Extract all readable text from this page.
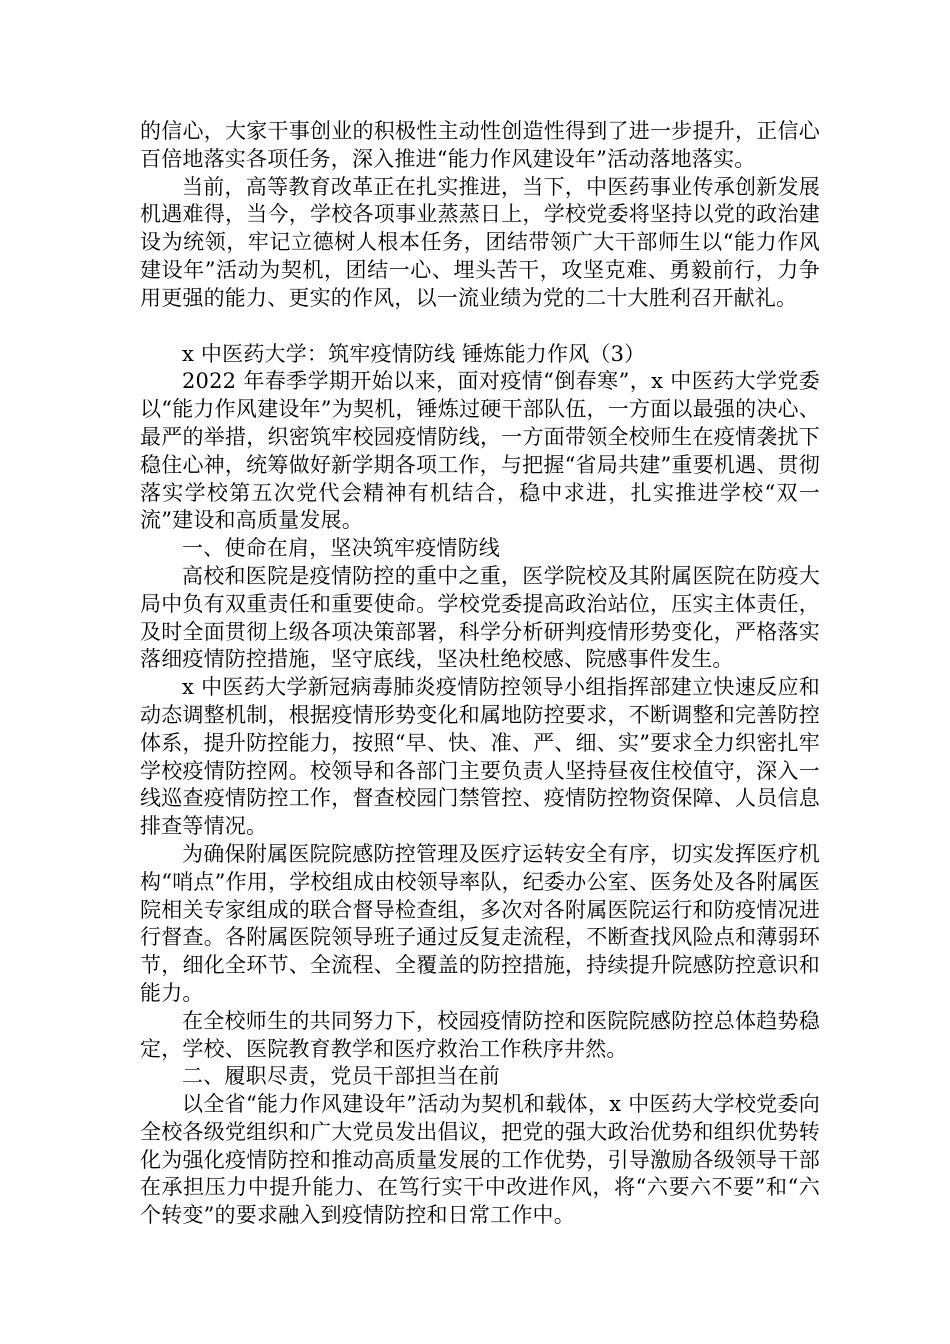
的信心，大家干事创业的积极性主动性创造性得到了进一步提升，正信心百倍地落实各项任务，深入推进“能力作风建设年”活动落地落实。

当前，高等教育改革正在扎实推进，当下，中医药事业传承创新发展机遇难得，当今，学校各项事业蒸蒸日上，学校党委将坚持以党的政治建设为统领，牢记立德树人根本任务，团结带领广大干部师生以“能力作风建设年”活动为契机，团结一心、埋头苦干，攻坚克难、勇毅前行，力争用更强的能力、更实的作风，以一流业绩为党的二十大胜利召开献礼。

x 中医药大学：筑牢疫情防线 锤炼能力作风（3）

2022 年春季学期开始以来，面对疫情“倒春寒”，x 中医药大学党委以“能力作风建设年”为契机，锤炼过硬干部队伍，一方面以最强的决心、最严的举措，织密筑牢校园疫情防线，一方面带领全校师生在疫情袭扰下稳住心神，统筹做好新学期各项工作，与把握“省局共建”重要机遇、贯彻落实学校第五次党代会精神有机结合，稳中求进，扎实推进学校“双一流”建设和高质量发展。

一、使命在肩，坚决筑牢疫情防线

高校和医院是疫情防控的重中之重，医学院校及其附属医院在防疫大局中负有双重责任和重要使命。学校党委提高政治站位，压实主体责任，及时全面贯彻上级各项决策部署，科学分析研判疫情形势变化，严格落实落细疫情防控措施，坚守底线，坚决杜绝校感、院感事件发生。

x 中医药大学新冠病毒肺炎疫情防控领导小组指挥部建立快速反应和动态调整机制，根据疫情形势变化和属地防控要求，不断调整和完善防控体系，提升防控能力，按照“早、快、准、严、细、实”要求全力织密扎牢学校疫情防控网。校领导和各部门主要负责人坚持昼夜住校值守，深入一线巡查疫情防控工作，督查校园门禁管控、疫情防控物资保障、人员信息排查等情况。

为确保附属医院院感防控管理及医疗运转安全有序，切实发挥医疗机构“哨点”作用，学校组成由校领导率队，纪委办公室、医务处及各附属医院相关专家组成的联合督导检查组，多次对各附属医院运行和防疫情况进行督查。各附属医院领导班子通过反复走流程，不断查找风险点和薄弱环节，细化全环节、全流程、全覆盖的防控措施，持续提升院感防控意识和能力。

在全校师生的共同努力下，校园疫情防控和医院院感防控总体趋势稳定，学校、医院教育教学和医疗救治工作秩序井然。

二、履职尽责，党员干部担当在前

以全省“能力作风建设年”活动为契机和载体，x 中医药大学校党委向全校各级党组织和广大党员发出倡议，把党的强大政治优势和组织优势转化为强化疫情防控和推动高质量发展的工作优势，引导激励各级领导干部在承担压力中提升能力、在笃行实干中改进作风，将“六要六不要”和“六个转变”的要求融入到疫情防控和日常工作中。
